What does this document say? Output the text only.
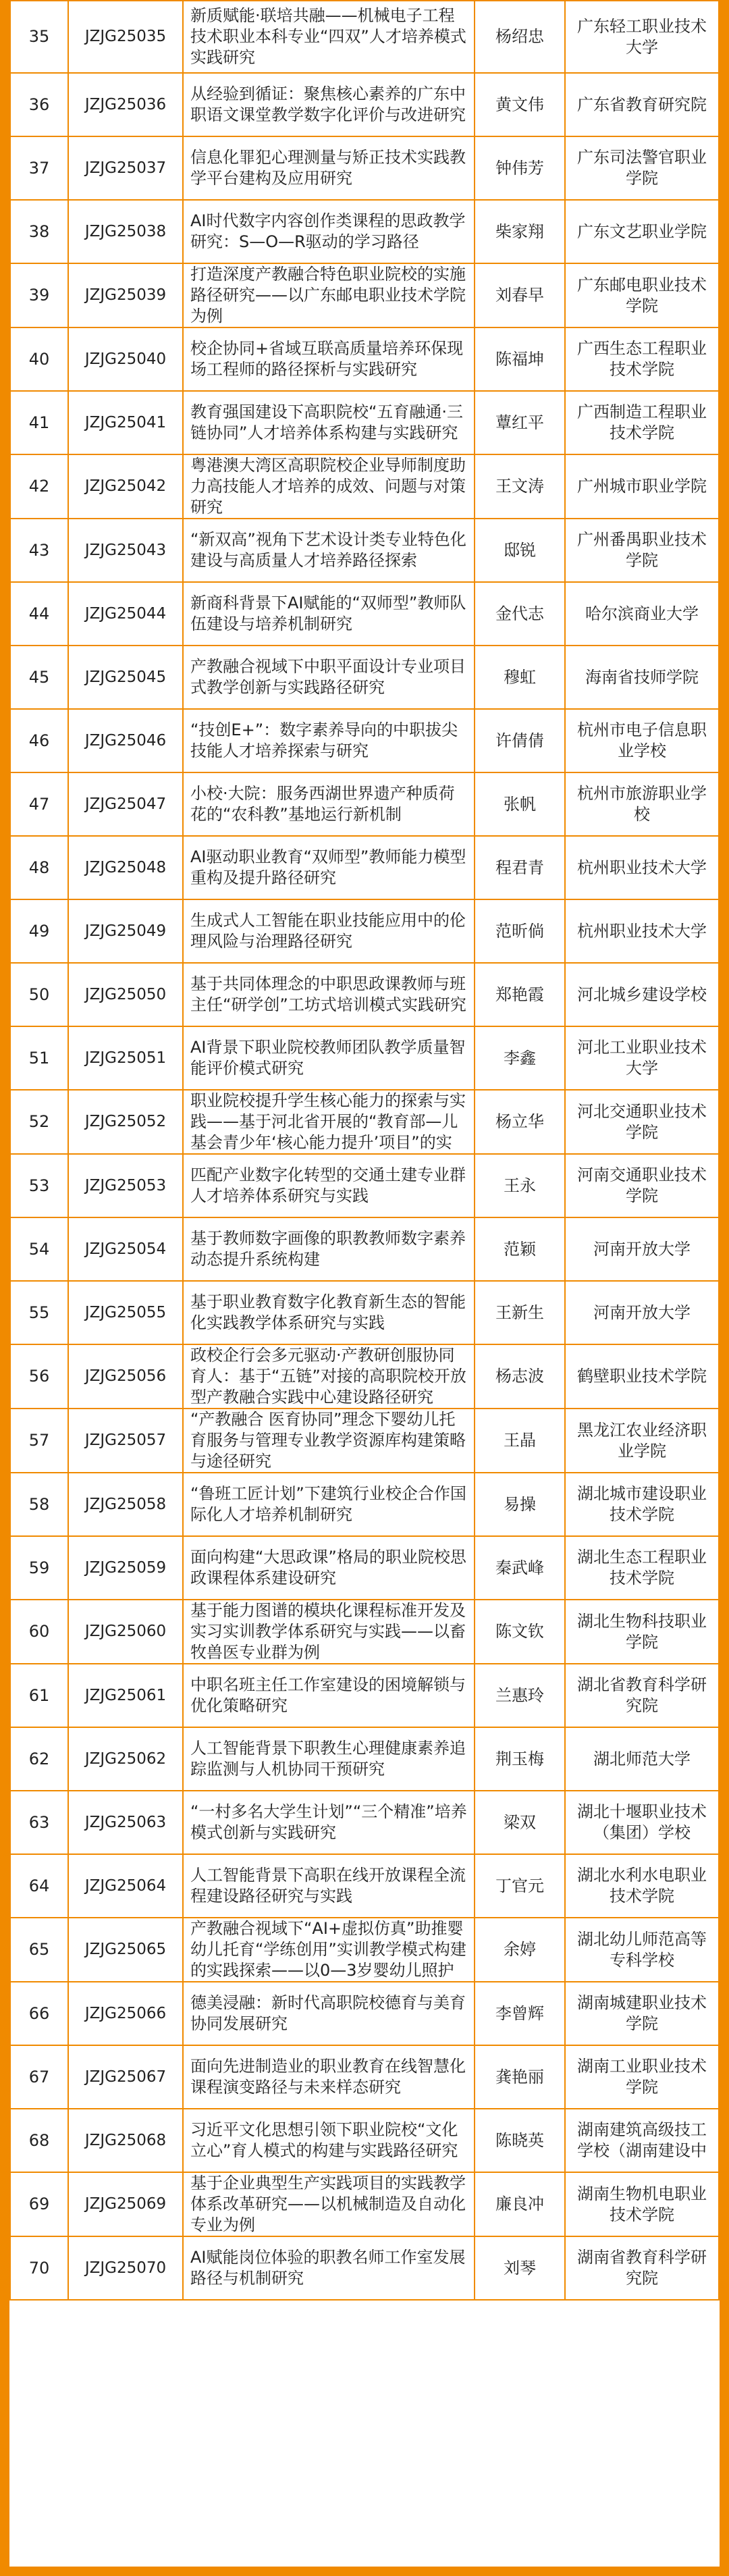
35	JZJG25035	新质赋能·联培共融——机械电子工程技术职业本科专业“四双”人才培养模式实践研究	杨绍忠	广东轻工职业技术大学

36	JZJG25036	从经验到循证：聚焦核心素养的广东中职语文课堂教学数字化评价与改进研究	黄文伟	广东省教育研究院

37	JZJG25037	信息化罪犯心理测量与矫正技术实践教学平台建构及应用研究	钟伟芳	广东司法警官职业学院

38	JZJG25038	AI时代数字内容创作类课程的思政教学研究：S—O—R驱动的学习路径	柴家翔	广东文艺职业学院

39	JZJG25039	打造深度产教融合特色职业院校的实施路径研究——以广东邮电职业技术学院为例	刘春早	广东邮电职业技术学院

40	JZJG25040	校企协同+省域互联高质量培养环保现场工程师的路径探析与实践研究	陈福坤	广西生态工程职业技术学院

41	JZJG25041	教育强国建设下高职院校“五育融通·三链协同”人才培养体系构建与实践研究	蕈红平	广西制造工程职业技术学院

42	JZJG25042	粤港澳大湾区高职院校企业导师制度助力高技能人才培养的成效、问题与对策研究	王文涛	广州城市职业学院

43	JZJG25043	“新双高”视角下艺术设计类专业特色化建设与高质量人才培养路径探索	邸锐	广州番禺职业技术学院

44	JZJG25044	新商科背景下AI赋能的“双师型”教师队伍建设与培养机制研究	金代志	哈尔滨商业大学

45	JZJG25045	产教融合视域下中职平面设计专业项目式教学创新与实践路径研究	穆虹	海南省技师学院

46	JZJG25046	“技创E+”：数字素养导向的中职拔尖技能人才培养探索与研究	许倩倩	杭州市电子信息职业学校

47	JZJG25047	小校·大院：服务西湖世界遗产种质荷花的“农科教”基地运行新机制	张帆	杭州市旅游职业学校

48	JZJG25048	AI驱动职业教育“双师型”教师能力模型重构及提升路径研究	程君青	杭州职业技术大学

49	JZJG25049	生成式人工智能在职业技能应用中的伦理风险与治理路径研究	范昕倘	杭州职业技术大学

50	JZJG25050	基于共同体理念的中职思政课教师与班主任“研学创”工坊式培训模式实践研究	郑艳霞	河北城乡建设学校

51	JZJG25051	AI背景下职业院校教师团队教学质量智能评价模式研究	李鑫	河北工业职业技术大学

52	JZJG25052	职业院校提升学生核心能力的探索与实践——基于河北省开展的“教育部—儿基会青少年‘核心能力提升’项目”的实	杨立华	河北交通职业技术学院

53	JZJG25053	匹配产业数字化转型的交通土建专业群人才培养体系研究与实践	王永	河南交通职业技术学院

54	JZJG25054	基于教师数字画像的职教教师数字素养动态提升系统构建	范颖	河南开放大学

55	JZJG25055	基于职业教育数字化教育新生态的智能化实践教学体系研究与实践	王新生	河南开放大学

56	JZJG25056	政校企行会多元驱动·产教研创服协同育人：基于“五链”对接的高职院校开放型产教融合实践中心建设路径研究	杨志波	鹤壁职业技术学院

57	JZJG25057	“产教融合 医育协同”理念下婴幼儿托育服务与管理专业教学资源库构建策略与途径研究	王晶	黑龙江农业经济职业学院

58	JZJG25058	“鲁班工匠计划”下建筑行业校企合作国际化人才培养机制研究	易操	湖北城市建设职业技术学院

59	JZJG25059	面向构建“大思政课”格局的职业院校思政课程体系建设研究	秦武峰	湖北生态工程职业技术学院

60	JZJG25060	基于能力图谱的模块化课程标准开发及实习实训教学体系研究与实践——以畜牧兽医专业群为例	陈文钦	湖北生物科技职业学院

61	JZJG25061	中职名班主任工作室建设的困境解锁与优化策略研究	兰惠玲	湖北省教育科学研究院

62	JZJG25062	人工智能背景下职教生心理健康素养追踪监测与人机协同干预研究	荆玉梅	湖北师范大学

63	JZJG25063	“一村多名大学生计划”“三个精准”培养模式创新与实践研究	梁双	湖北十堰职业技术（集团）学校

64	JZJG25064	人工智能背景下高职在线开放课程全流程建设路径研究与实践	丁官元	湖北水利水电职业技术学院

65	JZJG25065	产教融合视域下“AI+虚拟仿真”助推婴幼儿托育“学练创用”实训教学模式构建的实践探索——以0—3岁婴幼儿照护	余婷	湖北幼儿师范高等专科学校

66	JZJG25066	德美浸融：新时代高职院校德育与美育协同发展研究	李曾辉	湖南城建职业技术学院

67	JZJG25067	面向先进制造业的职业教育在线智慧化课程演变路径与未来样态研究	龚艳丽	湖南工业职业技术学院

68	JZJG25068	习近平文化思想引领下职业院校“文化立心”育人模式的构建与实践路径研究	陈晓英	湖南建筑高级技工学校（湖南建设中

69	JZJG25069	基于企业典型生产实践项目的实践教学体系改革研究——以机械制造及自动化专业为例	廉良冲	湖南生物机电职业技术学院

70	JZJG25070	AI赋能岗位体验的职教名师工作室发展路径与机制研究	刘琴	湖南省教育科学研究院
